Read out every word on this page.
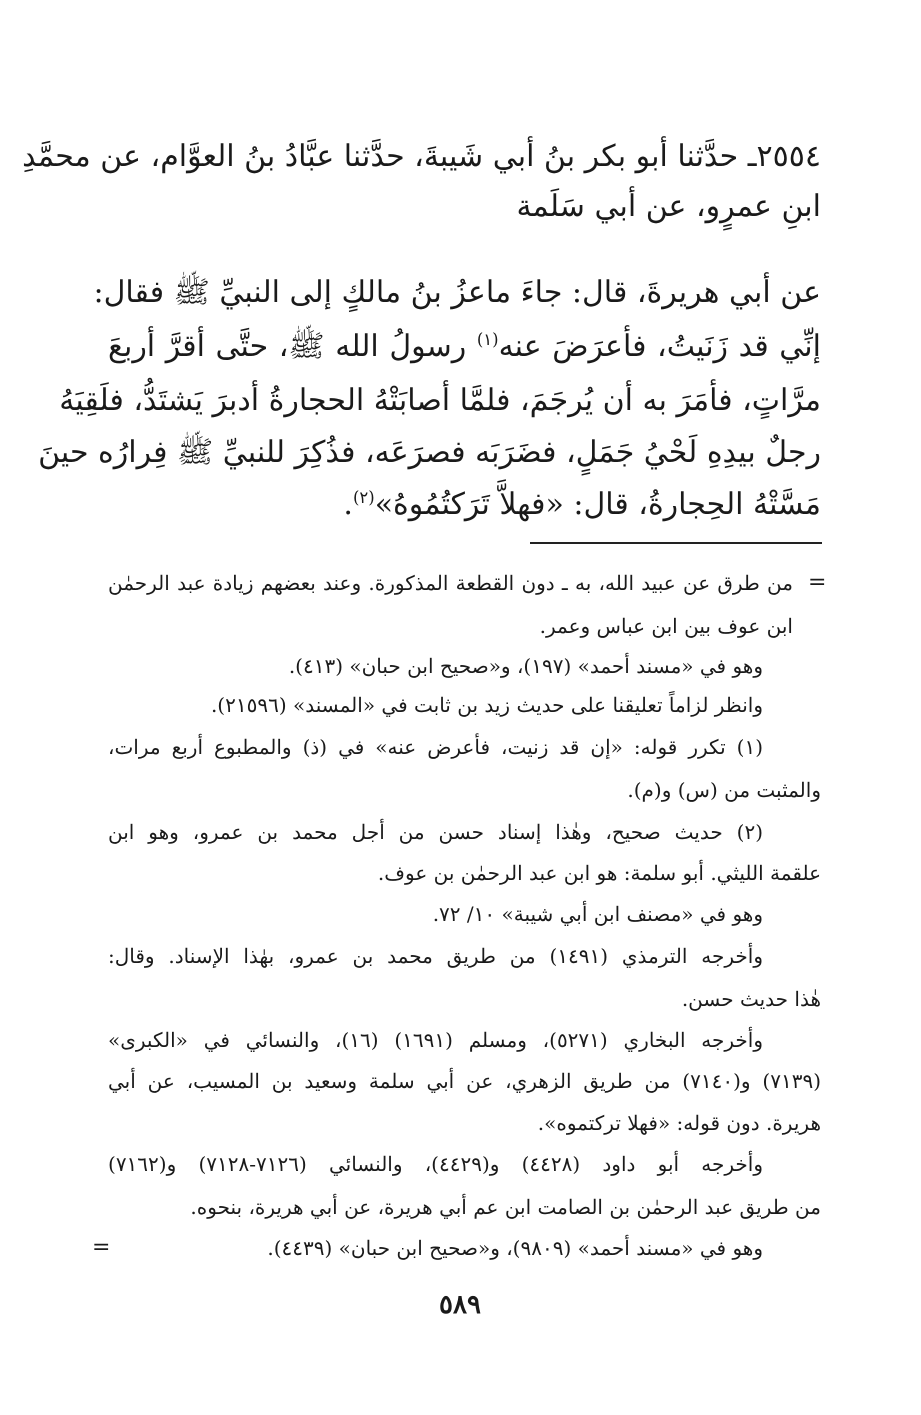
٢٥٥٤ـ حدَّثنا أبو بكر بنُ أبي شَيبةَ، حدَّثنا عبَّادُ بنُ العوَّام، عن محمَّدِ
ابنِ عمرٍو، عن أبي سَلَمة
عن أبي هريرةَ، قال: جاءَ ماعزُ بنُ مالكٍ إلى النبيِّ ﷺ فقال:
إنِّي قد زَنَيتُ، فأعرَضَ عنه$^{(١)}$ رسولُ الله ﷺ، حتَّى أقرَّ أربعَ
مرَّاتٍ، فأمَرَ به أن يُرجَمَ، فلمَّا أصابَتْهُ الحجارةُ أدبرَ يَشتَدُّ، فلَقِيَهُ
رجلٌ بيدِهِ لَحْيُ جَمَلٍ، فضَرَبَه فصرَعَه، فذُكِرَ للنبيِّ ﷺ فِرارُه حينَ
مَسَّتْهُ الحِجارةُ، قال: «فهلاَّ تَرَكتُمُوهُ»$^{(٢)}$.
=
من طرق عن عبيد الله، به ـ دون القطعة المذكورة. وعند بعضهم زيادة عبد الرحمٰن
ابن عوف بين ابن عباس وعمر.
وهو في «مسند أحمد» (١٩٧)، و«صحيح ابن حبان» (٤١٣).
وانظر لزاماً تعليقنا على حديث زيد بن ثابت في «المسند» (٢١٥٩٦).
(١) تكرر قوله: «إن قد زنيت، فأعرض عنه» في (ذ) والمطبوع أربع مرات،
والمثبت من (س) و(م).
(٢) حديث صحيح، وهٰذا إسناد حسن من أجل محمد بن عمرو، وهو ابن
علقمة الليثي. أبو سلمة: هو ابن عبد الرحمٰن بن عوف.
وهو في «مصنف ابن أبي شيبة» ١٠/ ٧٢.
وأخرجه الترمذي (١٤٩١) من طريق محمد بن عمرو، بهٰذا الإسناد. وقال:
هٰذا حديث حسن.
وأخرجه البخاري (٥٢٧١)، ومسلم (١٦٩١) (١٦)، والنسائي في «الكبرى»
(٧١٣٩) و(٧١٤٠) من طريق الزهري، عن أبي سلمة وسعيد بن المسيب، عن أبي
هريرة. دون قوله: «فهلا تركتموه».
وأخرجه أبو داود (٤٤٢٨) و(٤٤٢٩)، والنسائي (٧١٢٦-٧١٢٨) و(٧١٦٢)
من طريق عبد الرحمٰن بن الصامت ابن عم أبي هريرة، عن أبي هريرة، بنحوه.
وهو في «مسند أحمد» (٩٨٠٩)، و«صحيح ابن حبان» (٤٤٣٩).
=
٥٨٩
